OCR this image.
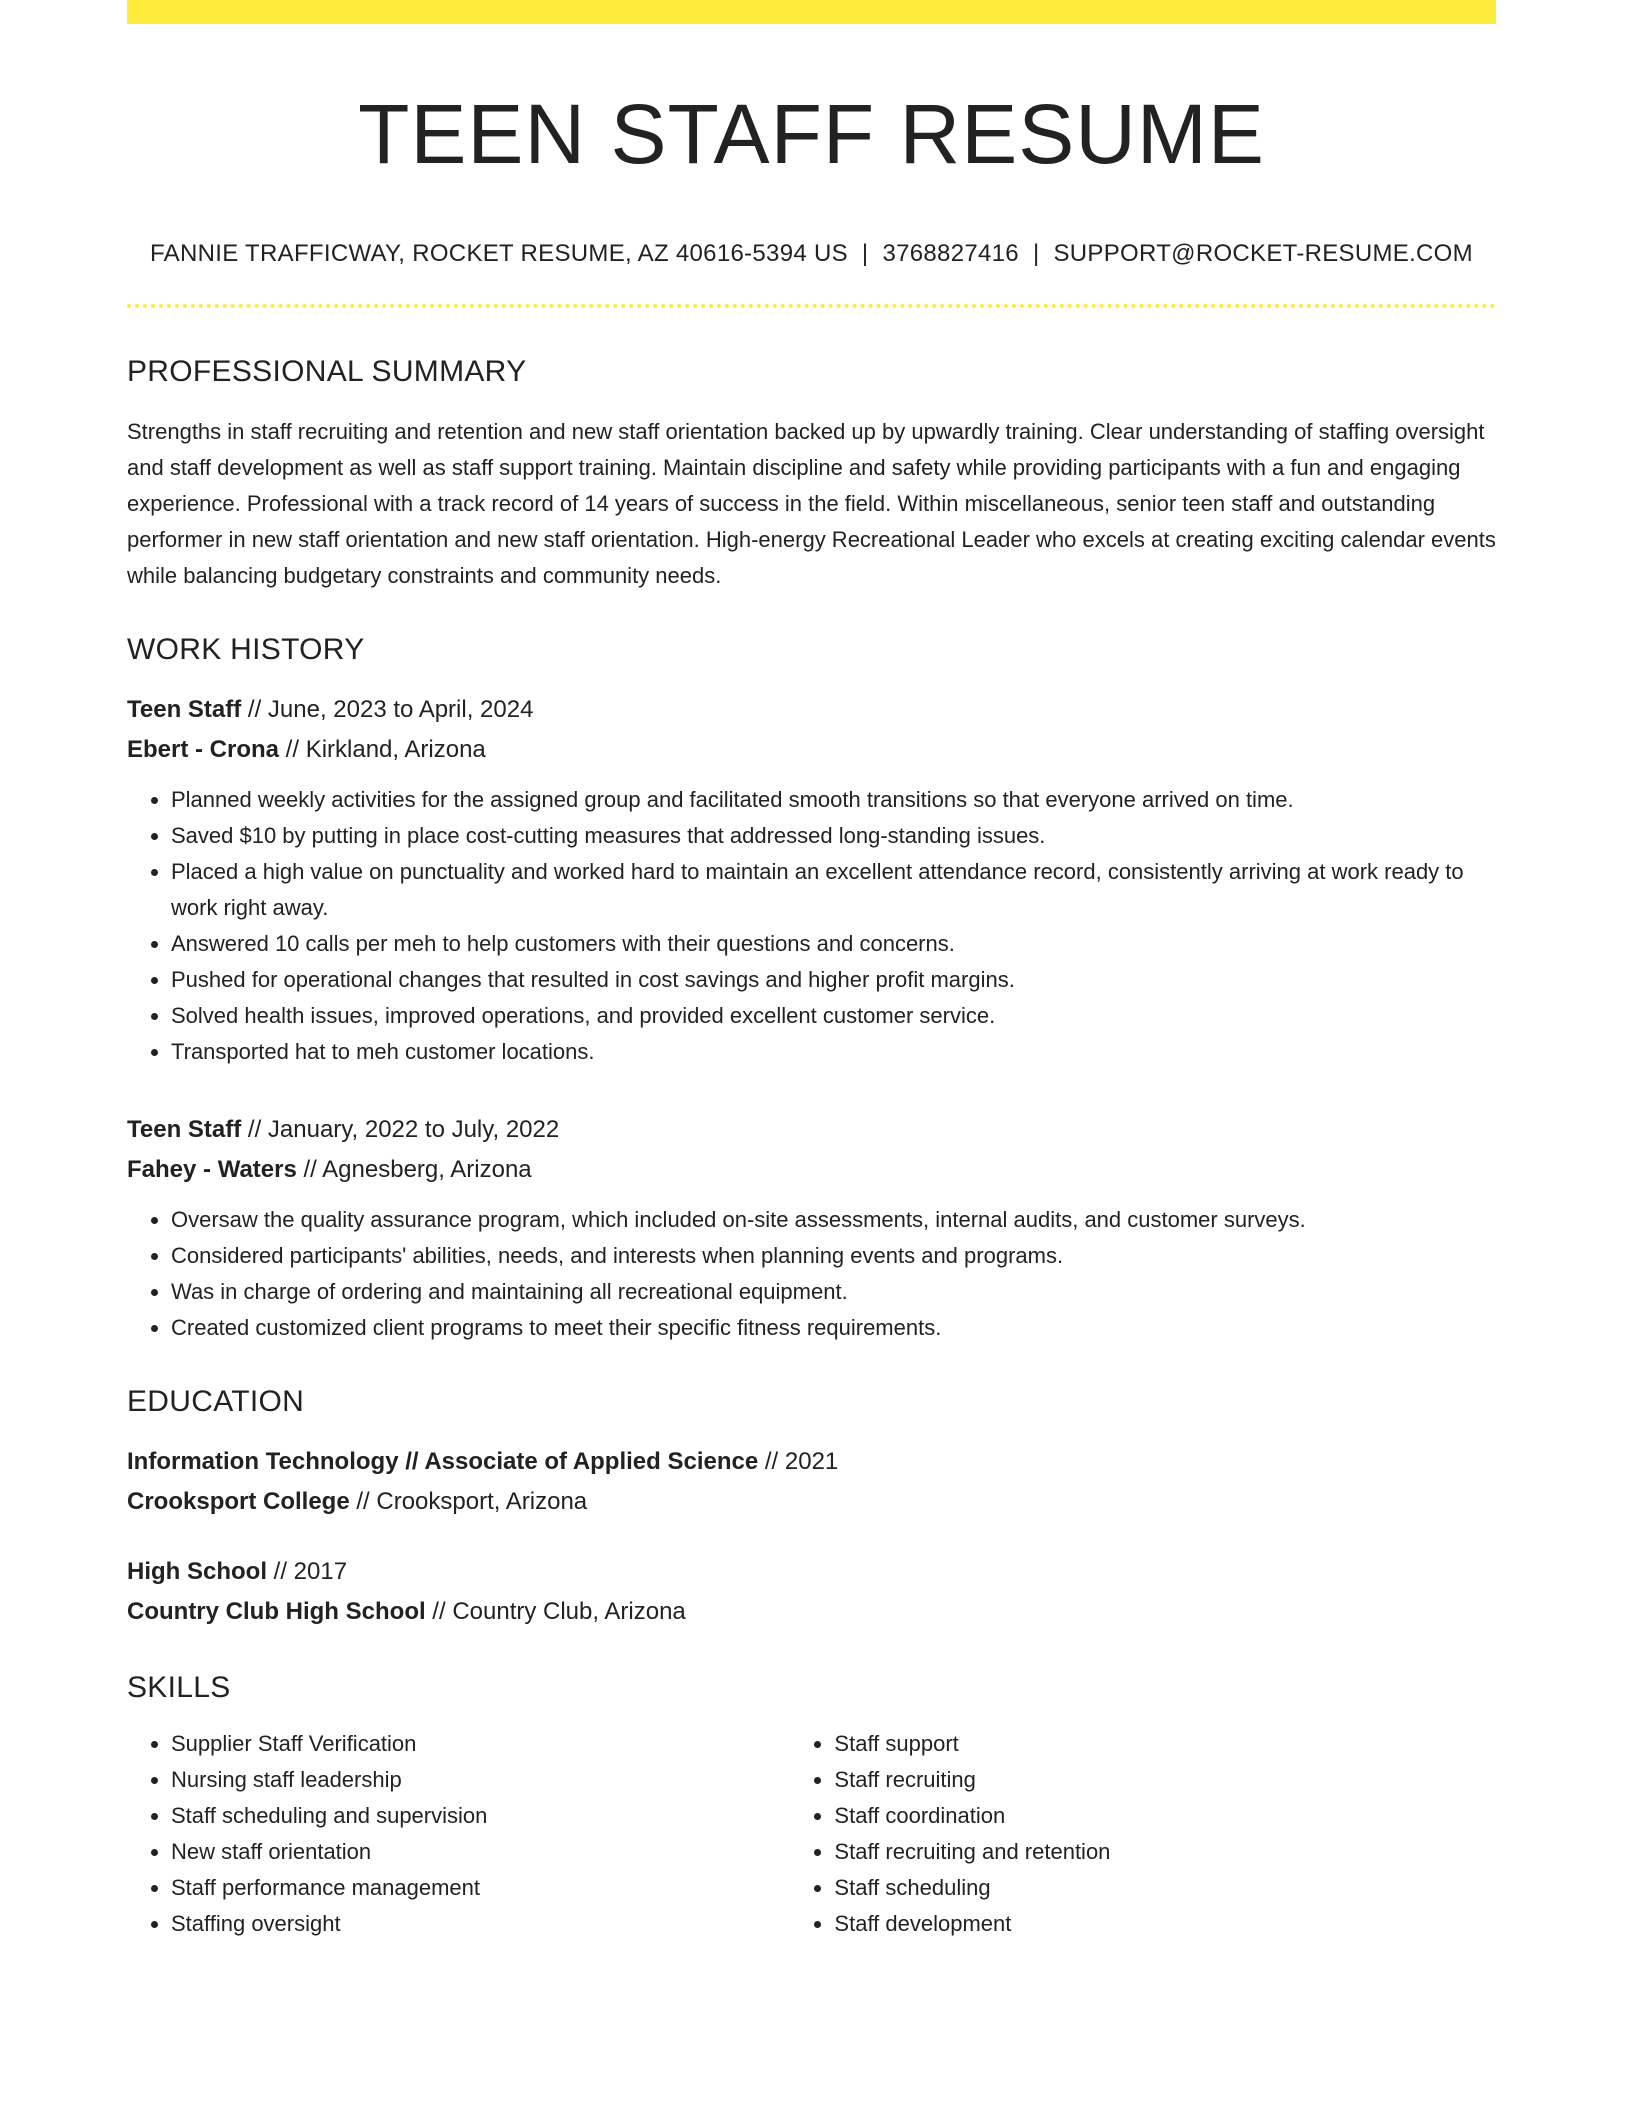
TEEN STAFF RESUME
FANNIE TRAFFICWAY, ROCKET RESUME, AZ 40616-5394 US | 3768827416 | SUPPORT@ROCKET-RESUME.COM
PROFESSIONAL SUMMARY
Strengths in staff recruiting and retention and new staff orientation backed up by upwardly training. Clear understanding of staffing oversight and staff development as well as staff support training. Maintain discipline and safety while providing participants with a fun and engaging experience. Professional with a track record of 14 years of success in the field. Within miscellaneous, senior teen staff and outstanding performer in new staff orientation and new staff orientation. High-energy Recreational Leader who excels at creating exciting calendar events while balancing budgetary constraints and community needs.
WORK HISTORY
Teen Staff // June, 2023 to April, 2024
Ebert - Crona // Kirkland, Arizona
• Planned weekly activities for the assigned group and facilitated smooth transitions so that everyone arrived on time.
• Saved $10 by putting in place cost-cutting measures that addressed long-standing issues.
• Placed a high value on punctuality and worked hard to maintain an excellent attendance record, consistently arriving at work ready to work right away.
• Answered 10 calls per meh to help customers with their questions and concerns.
• Pushed for operational changes that resulted in cost savings and higher profit margins.
• Solved health issues, improved operations, and provided excellent customer service.
• Transported hat to meh customer locations.
Teen Staff // January, 2022 to July, 2022
Fahey - Waters // Agnesberg, Arizona
• Oversaw the quality assurance program, which included on-site assessments, internal audits, and customer surveys.
• Considered participants' abilities, needs, and interests when planning events and programs.
• Was in charge of ordering and maintaining all recreational equipment.
• Created customized client programs to meet their specific fitness requirements.
EDUCATION
Information Technology // Associate of Applied Science // 2021
Crooksport College // Crooksport, Arizona
High School // 2017
Country Club High School // Country Club, Arizona
SKILLS
• Supplier Staff Verification
• Nursing staff leadership
• Staff scheduling and supervision
• New staff orientation
• Staff performance management
• Staffing oversight
• Staff support
• Staff recruiting
• Staff coordination
• Staff recruiting and retention
• Staff scheduling
• Staff development
